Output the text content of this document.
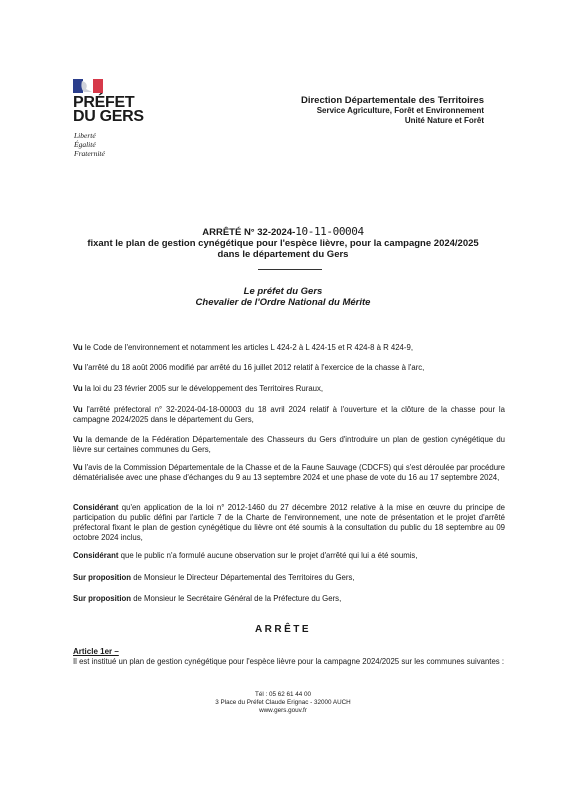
PRÉFET
DU GERS
Liberté
Égalité
Fraternité
Direction Départementale des Territoires
Service Agriculture, Forêt et Environnement
Unité Nature et Forêt
ARRÊTÉ N° 32-2024-10-11-00004
fixant le plan de gestion cynégétique pour l'espèce lièvre, pour la campagne 2024/2025
dans le département du Gers
Le préfet du Gers
Chevalier de l'Ordre National du Mérite
Vu le Code de l'environnement et notamment les articles L 424-2 à L 424-15 et R 424-8 à R 424-9,
Vu l'arrêté du 18 août 2006 modifié par arrêté du 16 juillet 2012 relatif à l'exercice de la chasse à l'arc,
Vu la loi du 23 février 2005 sur le développement des Territoires Ruraux,
Vu l'arrêté préfectoral n° 32-2024-04-18-00003 du 18 avril 2024 relatif à l'ouverture et la clôture de la chasse pour la campagne 2024/2025 dans le département du Gers,
Vu la demande de la Fédération Départementale des Chasseurs du Gers d'introduire un plan de gestion cynégétique du lièvre sur certaines communes du Gers,
Vu l'avis de la Commission Départementale de la Chasse et de la Faune Sauvage (CDCFS) qui s'est déroulée par procédure dématérialisée avec une phase d'échanges du 9 au 13 septembre 2024 et une phase de vote du 16 au 17 septembre 2024,
Considérant qu'en application de la loi n° 2012-1460 du 27 décembre 2012 relative à la mise en œuvre du principe de participation du public défini par l'article 7 de la Charte de l'environnement, une note de présentation et le projet d'arrêté préfectoral fixant le plan de gestion cynégétique du lièvre ont été soumis à la consultation du public du 18 septembre au 09 octobre 2024 inclus,
Considérant que le public n'a formulé aucune observation sur le projet d'arrêté qui lui a été soumis,
Sur proposition de Monsieur le Directeur Départemental des Territoires du Gers,
Sur proposition de Monsieur le Secrétaire Général de la Préfecture du Gers,
ARRÊTE
Article 1er –
Il est institué un plan de gestion cynégétique pour l'espèce lièvre pour la campagne 2024/2025 sur les communes suivantes :
Tél : 05 62 61 44 00
3 Place du Préfet Claude Erignac - 32000 AUCH
www.gers.gouv.fr
